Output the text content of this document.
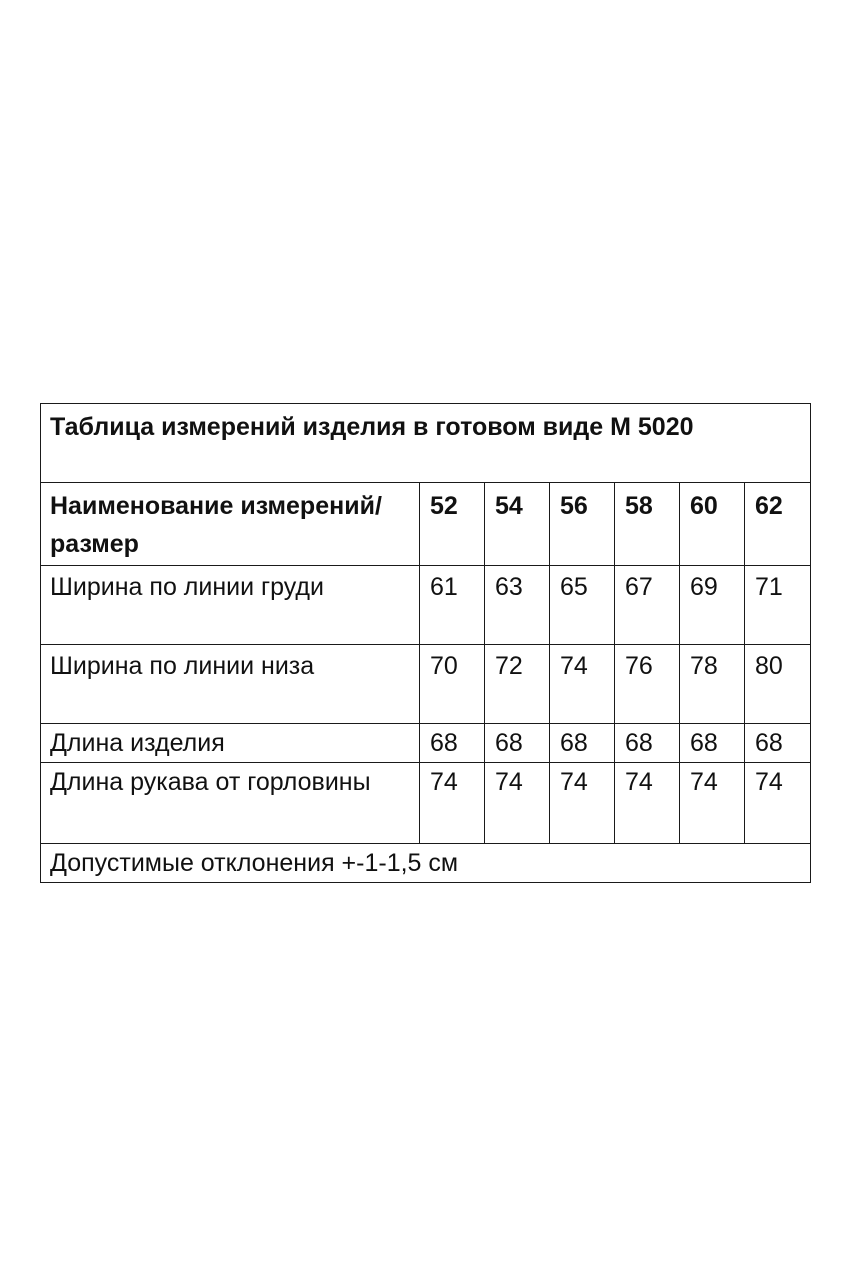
Таблица измерений изделия в готовом виде М 5020						
Наименование измерений/размер	52	54	56	58	60	62
Ширина по линии груди	61	63	65	67	69	71
Ширина по линии низа	70	72	74	76	78	80
Длина изделия	68	68	68	68	68	68
Длина рукава от горловины	74	74	74	74	74	74
Допустимые отклонения +-1-1,5 см						
